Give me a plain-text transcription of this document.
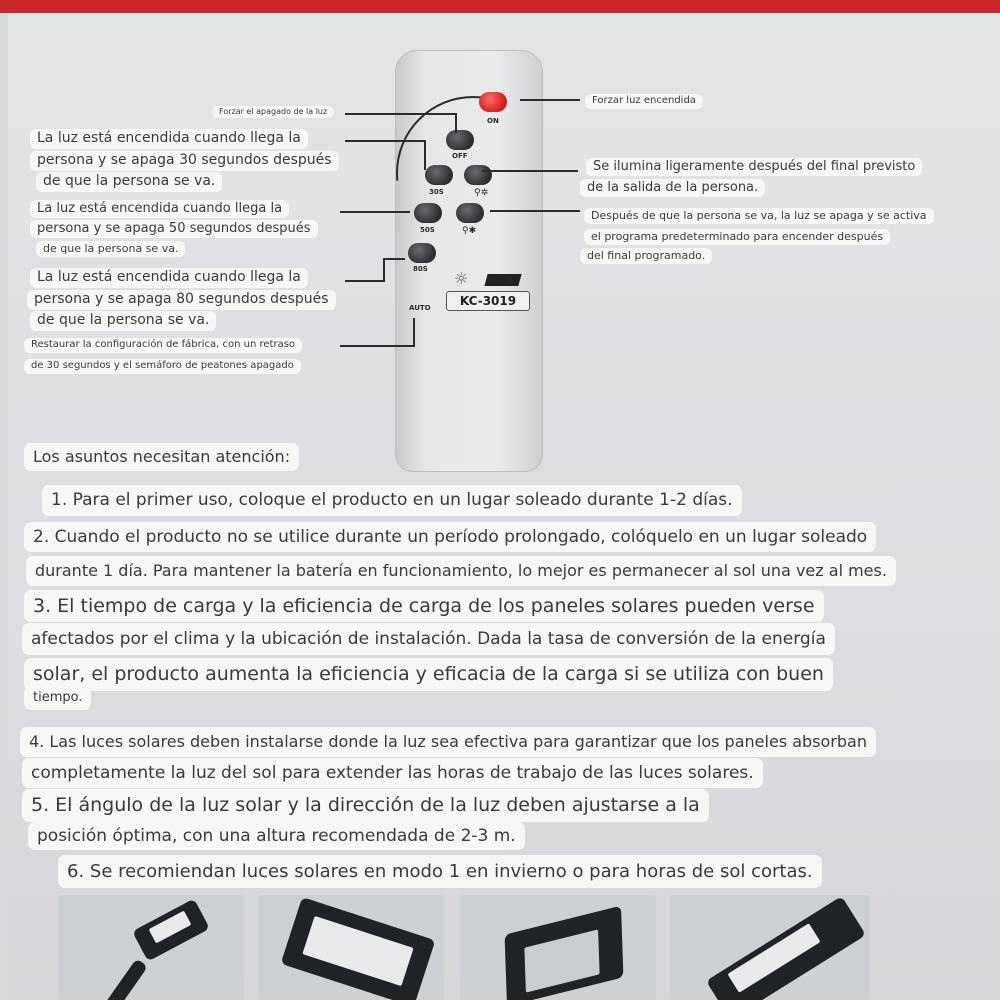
ON
OFF
30S	⚲✲
50S	⚲✱
80S
AUTO
☼
KC-3019
Forzar el apagado de la luz
La luz está encendida cuando llega la
persona y se apaga 30 segundos después
de que la persona se va.
La luz está encendida cuando llega la
persona y se apaga 50 segundos después
de que la persona se va.
La luz está encendida cuando llega la
persona y se apaga 80 segundos después
de que la persona se va.
Restaurar la configuración de fábrica, con un retraso
de 30 segundos y el semáforo de peatones apagado
Forzar luz encendida
Se ilumina ligeramente después del final previsto
de la salida de la persona.
Después de que la persona se va, la luz se apaga y se activa
el programa predeterminado para encender después
del final programado.
Los asuntos necesitan atención:
1. Para el primer uso, coloque el producto en un lugar soleado durante 1-2 días.
2. Cuando el producto no se utilice durante un período prolongado, colóquelo en un lugar soleado
durante 1 día. Para mantener la batería en funcionamiento, lo mejor es permanecer al sol una vez al mes.
3. El tiempo de carga y la eficiencia de carga de los paneles solares pueden verse
afectados por el clima y la ubicación de instalación. Dada la tasa de conversión de la energía
solar, el producto aumenta la eficiencia y eficacia de la carga si se utiliza con buen
tiempo.
4. Las luces solares deben instalarse donde la luz sea efectiva para garantizar que los paneles absorban
completamente la luz del sol para extender las horas de trabajo de las luces solares.
5. El ángulo de la luz solar y la dirección de la luz deben ajustarse a la
posición óptima, con una altura recomendada de 2-3 m.
6. Se recomiendan luces solares en modo 1 en invierno o para horas de sol cortas.
